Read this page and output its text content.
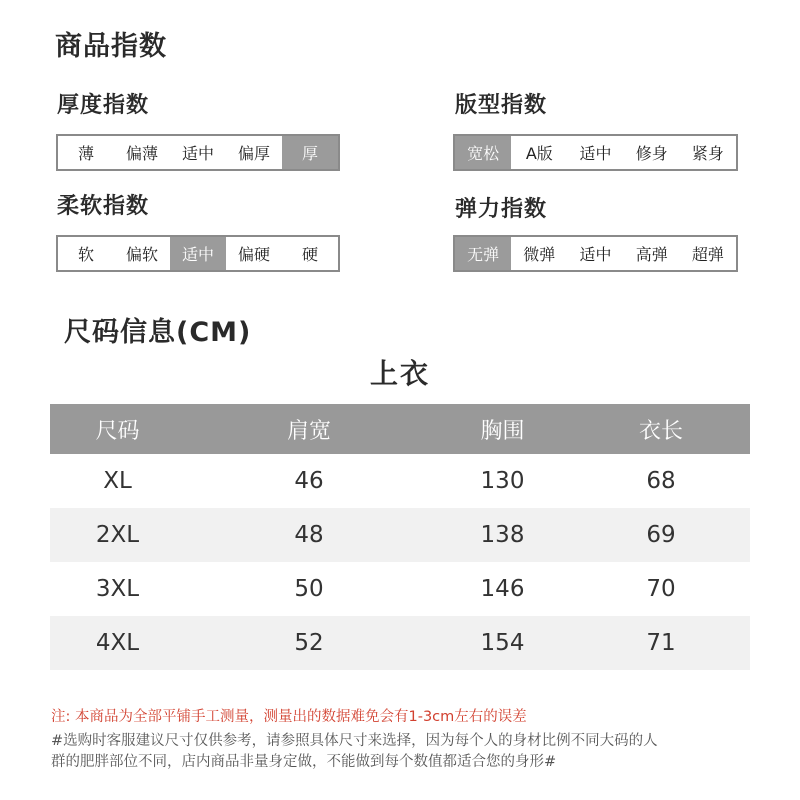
商品指数
厚度指数
薄	偏薄	适中	偏厚	厚
版型指数
宽松	A版	适中	修身	紧身
柔软指数
软	偏软	适中	偏硬	硬
弹力指数
无弹	微弹	适中	高弹	超弹
尺码信息(CM)
上衣
尺码	肩宽	胸围	衣长
XL	46	130	68
2XL	48	138	69
3XL	50	146	70
4XL	52	154	71
注: 本商品为全部平铺手工测量，测量出的数据难免会有1-3cm左右的误差
#选购时客服建议尺寸仅供参考，请参照具体尺寸来选择，因为每个人的身材比例不同大码的人
群的肥胖部位不同，店内商品非量身定做，不能做到每个数值都适合您的身形#
